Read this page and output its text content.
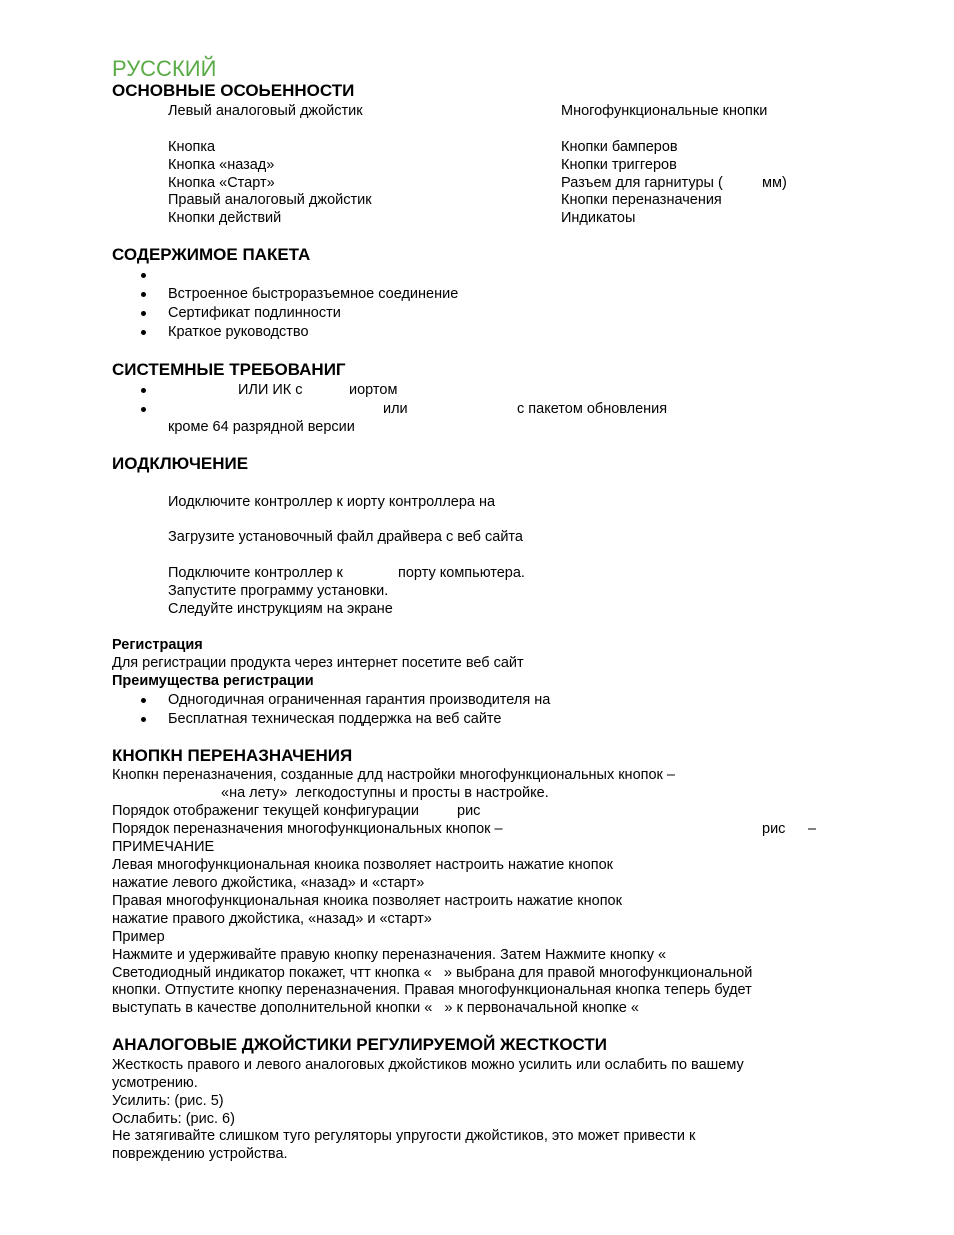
РУССКИЙ
ОСНОВНЫЕ ОСОЬЕННОСТИ
Левый аналоговый джойстик	Многофункциональные кнопки
Кнопка	Кнопки бамперов
Кнопка «назад»	Кнопки триггеров
Кнопка «Старт»	Разъем для гарнитуры (	мм)
Правый аналоговый джойстик	Кнопки переназначения
Кнопки действий	Индикатоы
СОДЕРЖИМОЕ ПАКЕТА
Встроенное быстроразъемное соединение
Сертификат подлинности
Краткое руководство
СИСТЕМНЫЕ ТРЕБОВАНИГ
ИЛИ ИК с	иортом
или	с пакетом обновления
кроме 64 разрядной версии
ИОДКЛЮЧЕНИЕ
Иодключите контроллер к иорту контроллера на
Загрузите установочный файл драйвера с веб сайта
Подключите контроллер к	порту компьютера.
Запустите программу установки.
Следуйте инструкциям на экране
Регистрация
Для регистрации продукта через интернет посетите веб сайт
Преимущества регистрации
Одногодичная ограниченная гарантия производителя на
Бесплатная техническая поддержка на веб сайте
КНОПКН ПЕРЕНАЗНАЧЕНИЯ
Кнопкн переназначения, созданные длд настройки многофункциональных кнопок –
«на лету»  легкодоступны и просты в настройке.
Порядок отображениг текущей конфигурации	рис
Порядок переназначения многофункциональных кнопок –	рис –
ПРИМЕЧАНИЕ
Левая многофункциональная кноика позволяет настроить нажатие кнопок
нажатие левого джойстика, «назад» и «старт»
Правая многофункциональная кноика позволяет настроить нажатие кнопок
нажатие правого джойстика, «назад» и «старт»
Пример
Нажмите и удерживайте правую кнопку переназначения. Затем Нажмите кнопку «
Светодиодный индикатор покажет, чтт кнопка «   » выбрана для правой многофункциональной
кнопки. Отпустите кнопку переназначения. Правая многофункциональная кнопка теперь будет
выступать в качестве дополнительной кнопки «   » к первоначальной кнопке «
АНАЛОГОВЫЕ ДЖОЙСТИКИ РЕГУЛИРУЕМОЙ ЖЕСТКОСТИ
Жесткость правого и левого аналоговых джойстиков можно усилить или ослабить по вашему
усмотрению.
Усилить: (рис. 5)
Ослабить: (рис. 6)
Не затягивайте слишком туго регуляторы упругости джойстиков, это может привести к
повреждению устройства.
